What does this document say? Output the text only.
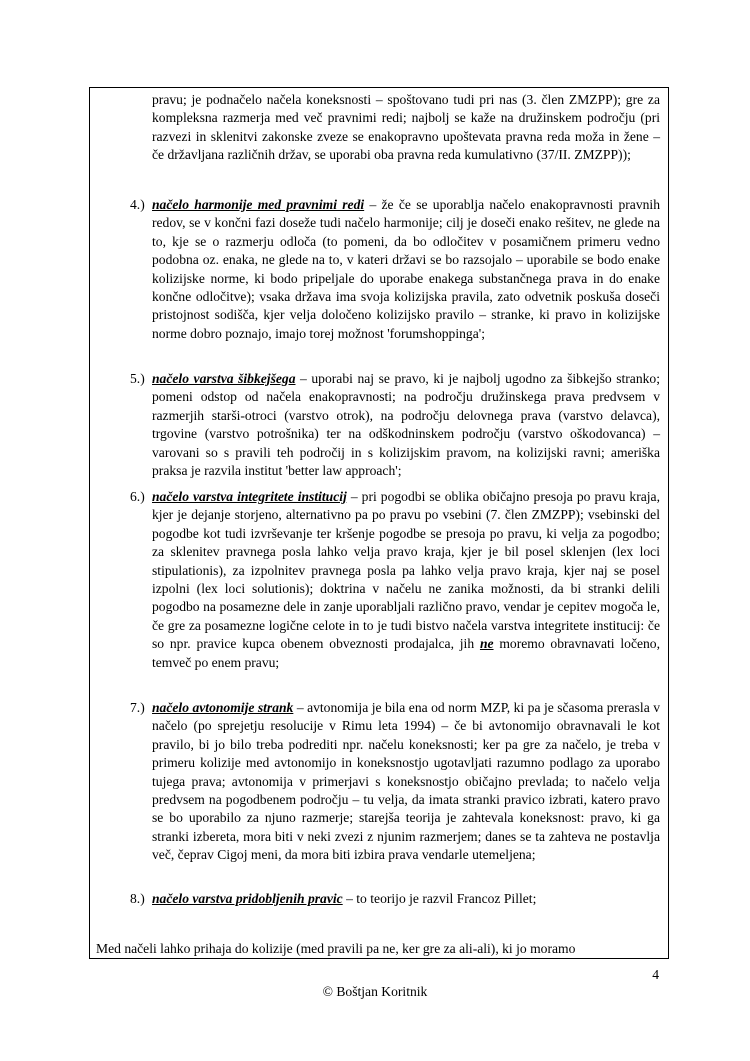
pravu; je podnačelo načela koneksnosti – spoštovano tudi pri nas (3. člen ZMZPP); gre za kompleksna razmerja med več pravnimi redi; najbolj se kaže na družinskem področju (pri razvezi in sklenitvi zakonske zveze se enakopravno upoštevata pravna reda moža in žene – če državljana različnih držav, se uporabi oba pravna reda kumulativno (37/II. ZMZPP));
4.) načelo harmonije med pravnimi redi – že če se uporablja načelo enakopravnosti pravnih redov, se v končni fazi doseže tudi načelo harmonije; cilj je doseči enako rešitev, ne glede na to, kje se o razmerju odloča (to pomeni, da bo odločitev v posamičnem primeru vedno podobna oz. enaka, ne glede na to, v kateri državi se bo razsojalo – uporabile se bodo enake kolizijske norme, ki bodo pripeljale do uporabe enakega substančnega prava in do enake končne odločitve); vsaka država ima svoja kolizijska pravila, zato odvetnik poskuša doseči pristojnost sodišča, kjer velja določeno kolizijsko pravilo – stranke, ki pravo in kolizijske norme dobro poznajo, imajo torej možnost 'forumshoppinga';
5.) načelo varstva šibkejšega – uporabi naj se pravo, ki je najbolj ugodno za šibkejšo stranko; pomeni odstop od načela enakopravnosti; na področju družinskega prava predvsem v razmerjih starši-otroci (varstvo otrok), na področju delovnega prava (varstvo delavca), trgovine (varstvo potrošnika) ter na odškodninskem področju (varstvo oškodovanca) – varovani so s pravili teh področij in s kolizijskim pravom, na kolizijski ravni; ameriška praksa je razvila institut 'better law approach';
6.) načelo varstva integritete institucij – pri pogodbi se oblika običajno presoja po pravu kraja, kjer je dejanje storjeno, alternativno pa po pravu po vsebini (7. člen ZMZPP); vsebinski del pogodbe kot tudi izvrševanje ter kršenje pogodbe se presoja po pravu, ki velja za pogodbo; za sklenitev pravnega posla lahko velja pravo kraja, kjer je bil posel sklenjen (lex loci stipulationis), za izpolnitev pravnega posla pa lahko velja pravo kraja, kjer naj se posel izpolni (lex loci solutionis); doktrina v načelu ne zanika možnosti, da bi stranki delili pogodbo na posamezne dele in zanje uporabljali različno pravo, vendar je cepitev mogoča le, če gre za posamezne logične celote in to je tudi bistvo načela varstva integritete institucij: če so npr. pravice kupca obenem obveznosti prodajalca, jih ne moremo obravnavati ločeno, temveč po enem pravu;
7.) načelo avtonomije strank – avtonomija je bila ena od norm MZP, ki pa je sčasoma prerasla v načelo (po sprejetju resolucije v Rimu leta 1994) – če bi avtonomijo obravnavali le kot pravilo, bi jo bilo treba podrediti npr. načelu koneksnosti; ker pa gre za načelo, je treba v primeru kolizije med avtonomijo in koneksnostjo ugotavljati razumno podlago za uporabo tujega prava; avtonomija v primerjavi s koneksnostjo običajno prevlada; to načelo velja predvsem na pogodbenem področju – tu velja, da imata stranki pravico izbrati, katero pravo se bo uporabilo za njuno razmerje; starejša teorija je zahtevala koneksnost: pravo, ki ga stranki izbereta, mora biti v neki zvezi z njunim razmerjem; danes se ta zahteva ne postavlja več, čeprav Cigoj meni, da mora biti izbira prava vendarle utemeljena;
8.) načelo varstva pridobljenih pravic – to teorijo je razvil Francoz Pillet;
Med načeli lahko prihaja do kolizije (med pravili pa ne, ker gre za ali-ali), ki jo moramo
4
© Boštjan Koritnik
